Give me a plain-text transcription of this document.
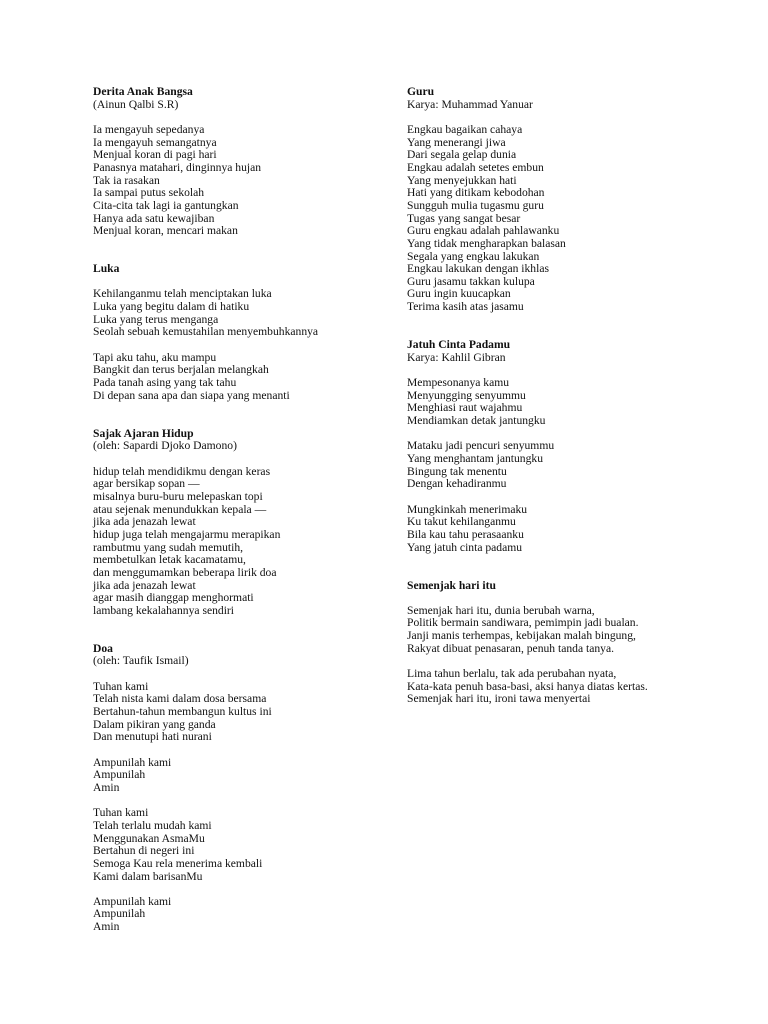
Derita Anak Bangsa
(Ainun Qalbi S.R)
Ia mengayuh sepedanya
Ia mengayuh semangatnya
Menjual koran di pagi hari
Panasnya matahari, dinginnya hujan
Tak ia rasakan
Ia sampai putus sekolah
Cita-cita tak lagi ia gantungkan
Hanya ada satu kewajiban
Menjual koran, mencari makan
Luka
Kehilanganmu telah menciptakan luka
Luka yang begitu dalam di hatiku
Luka yang terus menganga
Seolah sebuah kemustahilan menyembuhkannya
Tapi aku tahu, aku mampu
Bangkit dan terus berjalan melangkah
Pada tanah asing yang tak tahu
Di depan sana apa dan siapa yang menanti
Sajak Ajaran Hidup
(oleh: Sapardi Djoko Damono)
hidup telah mendidikmu dengan keras
agar bersikap sopan —
misalnya buru-buru melepaskan topi
atau sejenak menundukkan kepala —
jika ada jenazah lewat
hidup juga telah mengajarmu merapikan
rambutmu yang sudah memutih,
membetulkan letak kacamatamu,
dan menggumamkan beberapa lirik doa
jika ada jenazah lewat
agar masih dianggap menghormati
lambang kekalahannya sendiri
Doa
(oleh: Taufik Ismail)
Tuhan kami
Telah nista kami dalam dosa bersama
Bertahun-tahun membangun kultus ini
Dalam pikiran yang ganda
Dan menutupi hati nurani
Ampunilah kami
Ampunilah
Amin
Tuhan kami
Telah terlalu mudah kami
Menggunakan AsmaMu
Bertahun di negeri ini
Semoga Kau rela menerima kembali
Kami dalam barisanMu
Ampunilah kami
Ampunilah
Amin
Guru
Karya: Muhammad Yanuar
Engkau bagaikan cahaya
Yang menerangi jiwa
Dari segala gelap dunia
Engkau adalah setetes embun
Yang menyejukkan hati
Hati yang ditikam kebodohan
Sungguh mulia tugasmu guru
Tugas yang sangat besar
Guru engkau adalah pahlawanku
Yang tidak mengharapkan balasan
Segala yang engkau lakukan
Engkau lakukan dengan ikhlas
Guru jasamu takkan kulupa
Guru ingin kuucapkan
Terima kasih atas jasamu
Jatuh Cinta Padamu
Karya: Kahlil Gibran
Mempesonanya kamu
Menyungging senyummu
Menghiasi raut wajahmu
Mendiamkan detak jantungku
Mataku jadi pencuri senyummu
Yang menghantam jantungku
Bingung tak menentu
Dengan kehadiranmu
Mungkinkah menerimaku
Ku takut kehilanganmu
Bila kau tahu perasaanku
Yang jatuh cinta padamu
Semenjak hari itu
Semenjak hari itu, dunia berubah warna,
Politik bermain sandiwara, pemimpin jadi bualan.
Janji manis terhempas, kebijakan malah bingung,
Rakyat dibuat penasaran, penuh tanda tanya.
Lima tahun berlalu, tak ada perubahan nyata,
Kata-kata penuh basa-basi, aksi hanya diatas kertas.
Semenjak hari itu, ironi tawa menyertai
